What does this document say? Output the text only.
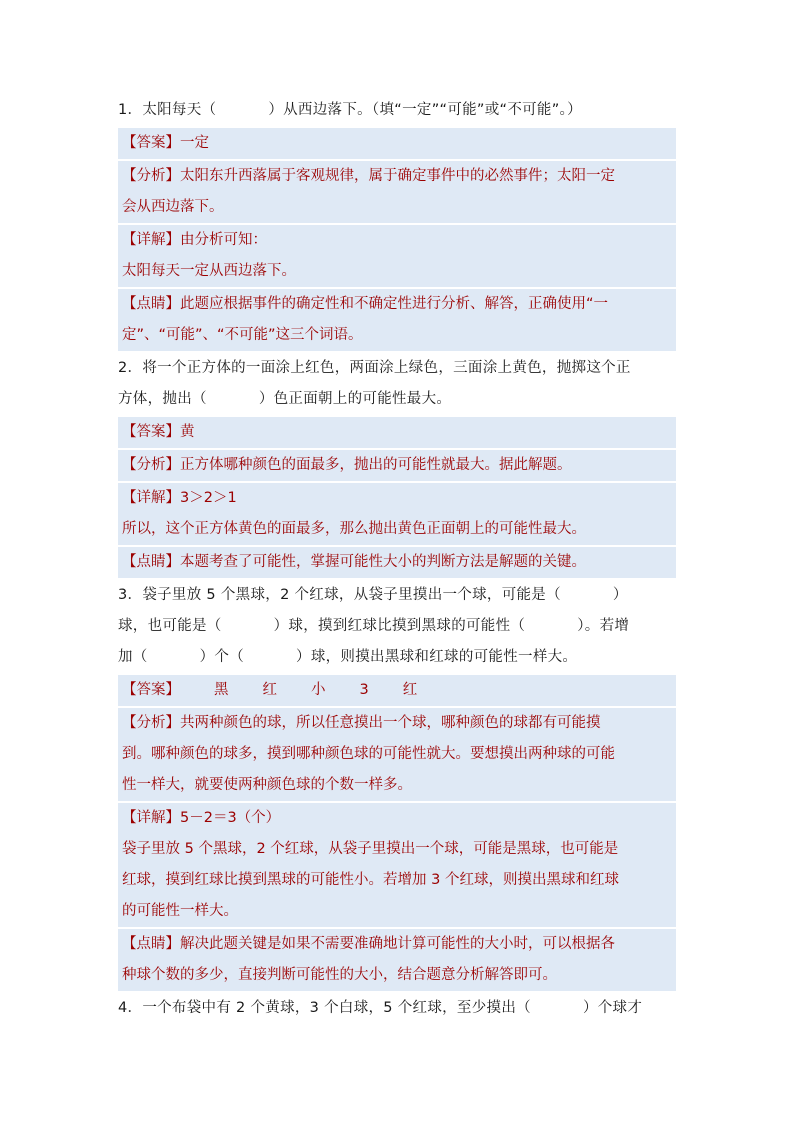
1．太阳每天（	）从西边落下。（填“一定”“可能”或“不可能”。）
【答案】一定
【分析】太阳东升西落属于客观规律，属于确定事件中的必然事件；太阳一定
会从西边落下。
【详解】由分析可知：
太阳每天一定从西边落下。
【点睛】此题应根据事件的确定性和不确定性进行分析、解答，正确使用“一
定”、“可能”、“不可能”这三个词语。
2．将一个正方体的一面涂上红色，两面涂上绿色，三面涂上黄色，抛掷这个正
方体，抛出（	）色正面朝上的可能性最大。
【答案】黄
【分析】正方体哪种颜色的面最多，抛出的可能性就最大。据此解题。
【详解】3＞2＞1
所以，这个正方体黄色的面最多，那么抛出黄色正面朝上的可能性最大。
【点睛】本题考查了可能性，掌握可能性大小的判断方法是解题的关键。
3．袋子里放 5 个黑球，2 个红球，从袋子里摸出一个球，可能是（	）
球，也可能是（	）球，摸到红球比摸到黑球的可能性（	）。若增
加（	）个（	）球，则摸出黑球和红球的可能性一样大。
【答案】 黑 红 小 3 红
【分析】共两种颜色的球，所以任意摸出一个球，哪种颜色的球都有可能摸
到。哪种颜色的球多，摸到哪种颜色球的可能性就大。要想摸出两种球的可能
性一样大，就要使两种颜色球的个数一样多。
【详解】5－2＝3（个）
袋子里放 5 个黑球，2 个红球，从袋子里摸出一个球，可能是黑球，也可能是
红球，摸到红球比摸到黑球的可能性小。若增加 3 个红球，则摸出黑球和红球
的可能性一样大。
【点睛】解决此题关键是如果不需要准确地计算可能性的大小时，可以根据各
种球个数的多少，直接判断可能性的大小，结合题意分析解答即可。
4．一个布袋中有 2 个黄球，3 个白球，5 个红球，至少摸出（	）个球才
